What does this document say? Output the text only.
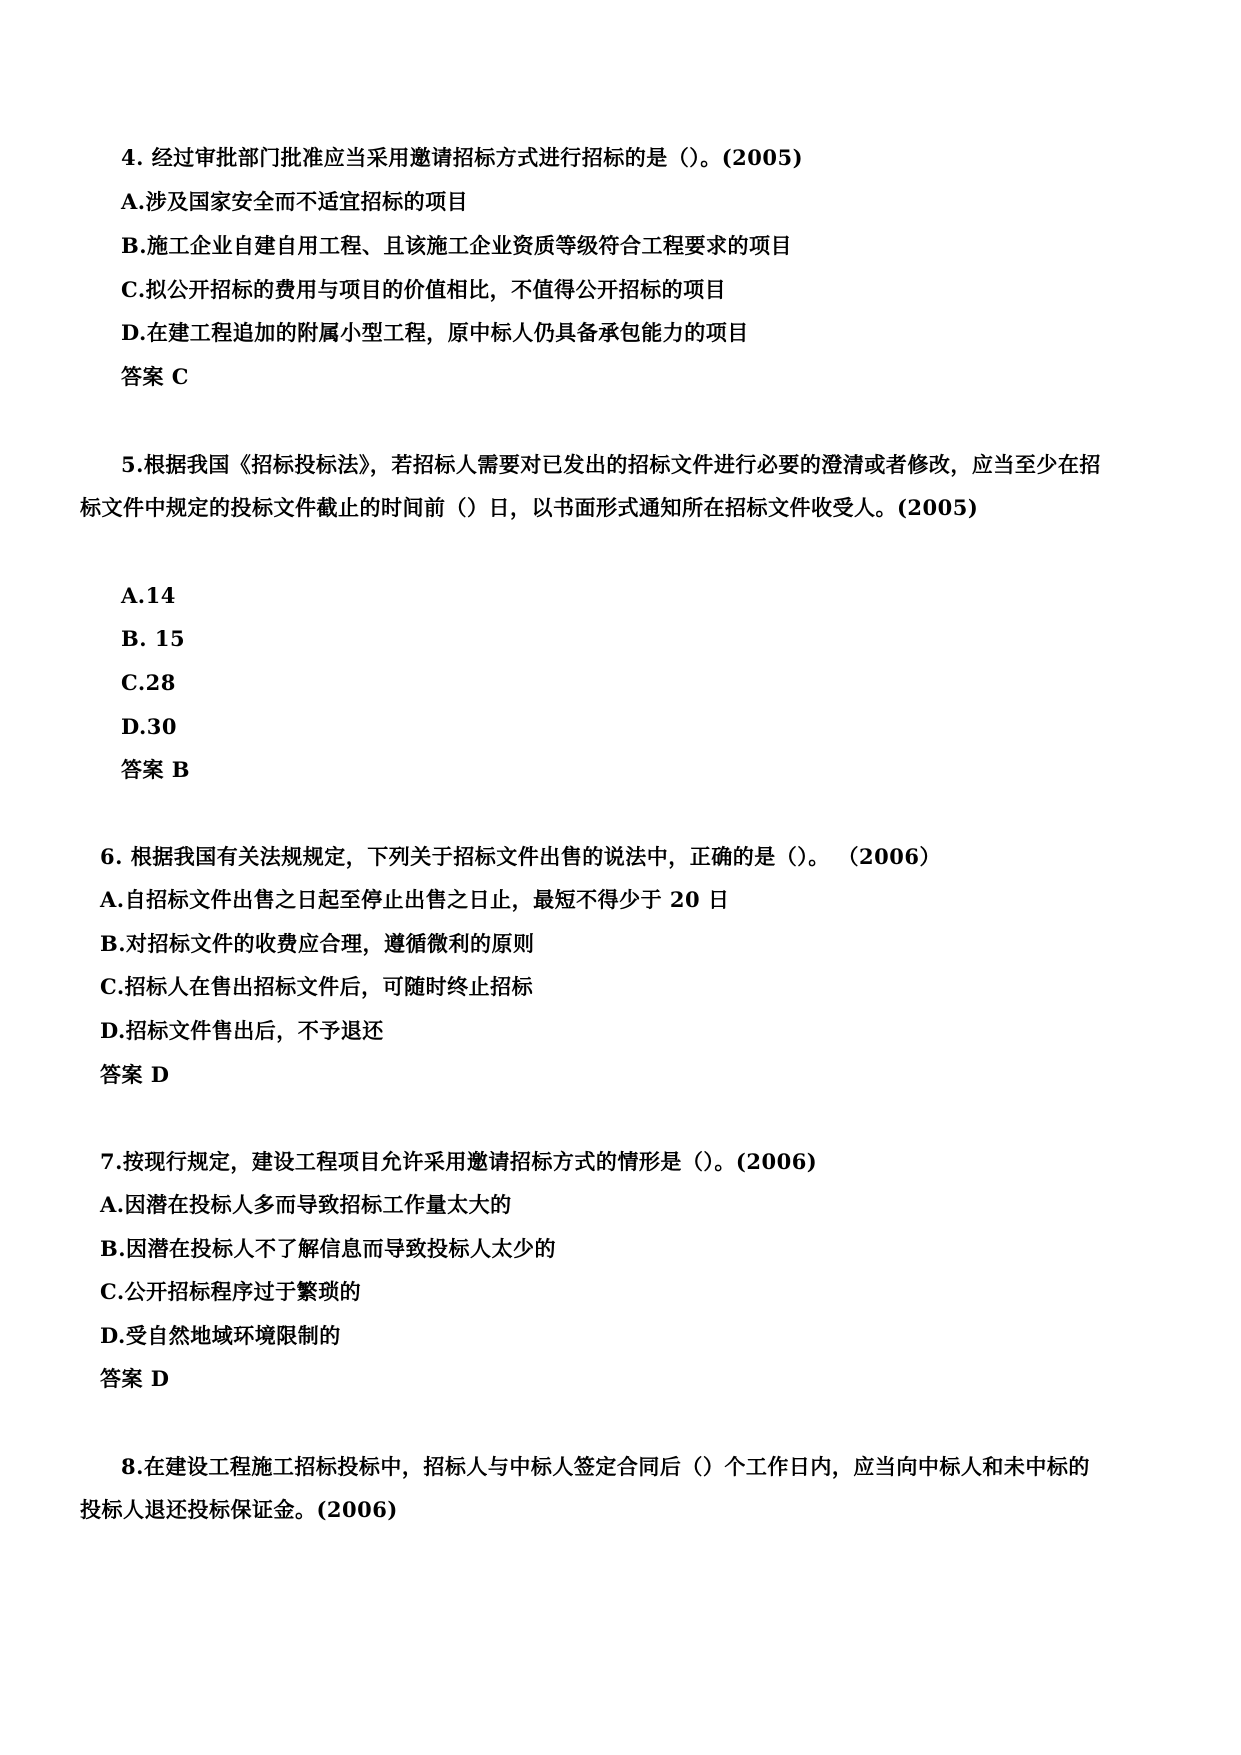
4. 经过审批部门批准应当采用邀请招标方式进行招标的是（）。(2005)
A.涉及国家安全而不适宜招标的项目
B.施工企业自建自用工程、且该施工企业资质等级符合工程要求的项目
C.拟公开招标的费用与项目的价值相比，不值得公开招标的项目
D.在建工程追加的附属小型工程，原中标人仍具备承包能力的项目
答案 C
5.根据我国《招标投标法》，若招标人需要对已发出的招标文件进行必要的澄清或者修改，应当至少在招
标文件中规定的投标文件截止的时间前（）日，以书面形式通知所在招标文件收受人。(2005)
A.14
B. 15
C.28
D.30
答案 B
6. 根据我国有关法规规定，下列关于招标文件出售的说法中，正确的是（）。 （2006）
A.自招标文件出售之日起至停止出售之日止，最短不得少于 20 日
B.对招标文件的收费应合理，遵循微利的原则
C.招标人在售出招标文件后，可随时终止招标
D.招标文件售出后，不予退还
答案 D
7.按现行规定，建设工程项目允许采用邀请招标方式的情形是（）。(2006)
A.因潜在投标人多而导致招标工作量太大的
B.因潜在投标人不了解信息而导致投标人太少的
C.公开招标程序过于繁琐的
D.受自然地域环境限制的
答案 D
8.在建设工程施工招标投标中，招标人与中标人签定合同后（）个工作日内，应当向中标人和未中标的
投标人退还投标保证金。(2006)
